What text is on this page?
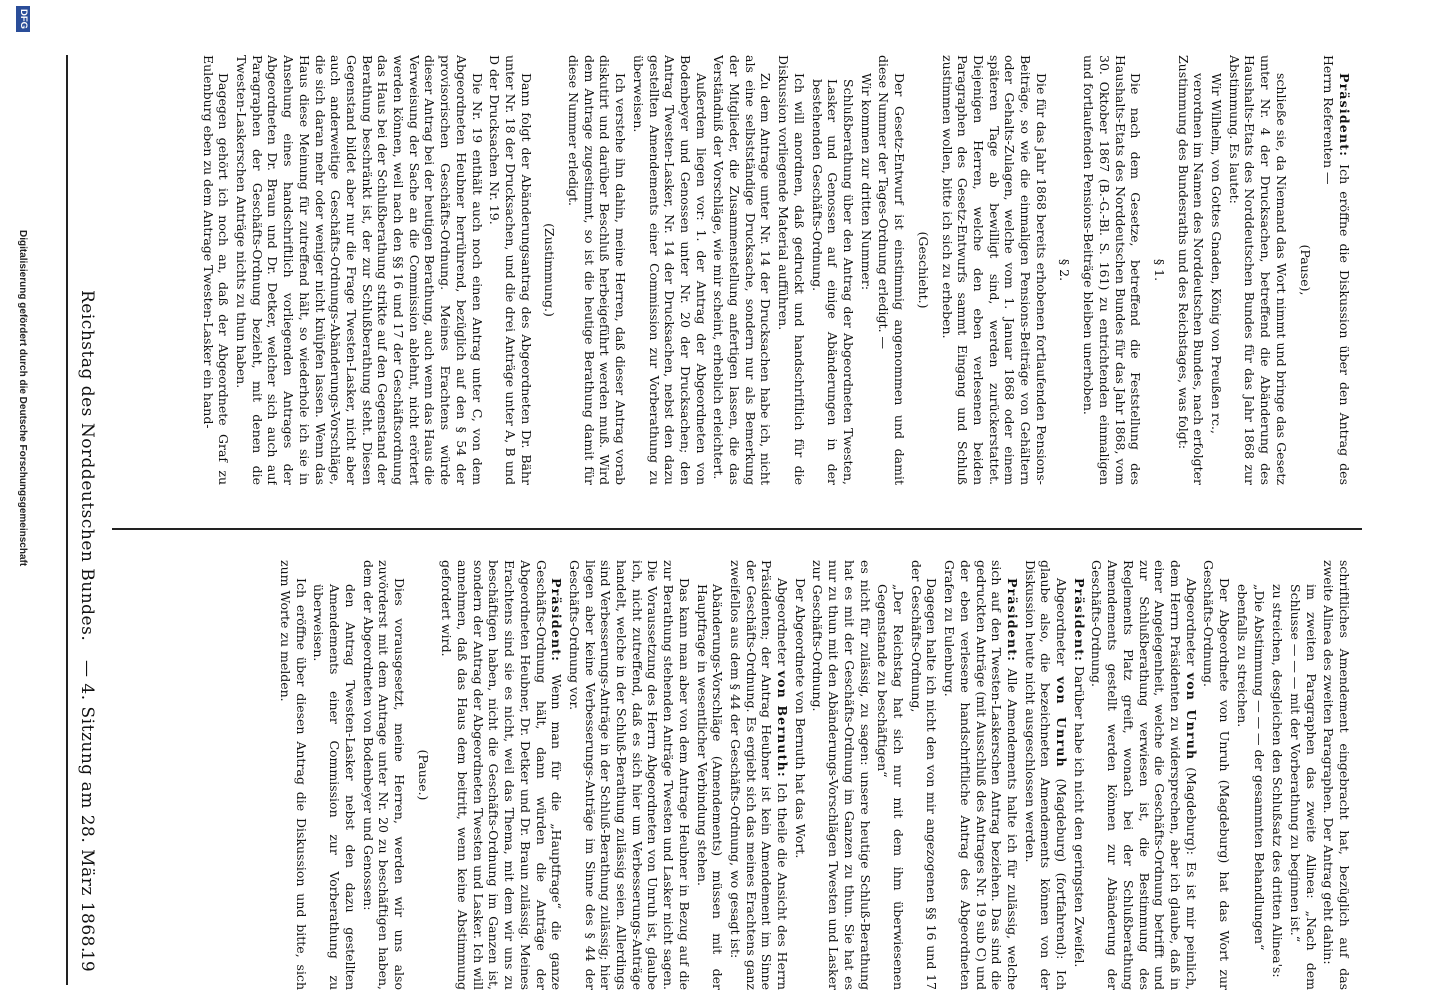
Reichstag des Norddeutschen Bundes.
— 4. Sitzung am 28. März 1868.
19

Präsident: Ich eröffne die Diskussion über den Antrag des Herrn Referenten —

(Pause),

schließe sie, da Niemand das Wort nimmt und bringe das Gesetz unter Nr. 4 der Drucksachen, betreffend die Abänderung des Haushalts-Etats des Norddeutschen Bundes für das Jahr 1868 zur Abstimmung. Es lautet:

Wir Wilhelm, von Gottes Gnaden, König von Preußen rc.,

verordnen im Namen des Norddeutschen Bundes, nach erfolgter Zustimmung des Bundesraths und des Reichstages, was folgt:

§ 1.

Die nach dem Gesetze, betreffend die Feststellung des Haushalts-Etats des Norddeutschen Bundes für das Jahr 1868, vom 30. Oktober 1867 (B.-G.-Bl. S. 161) zu entrichtenden einmaligen und fortlaufenden Pensions-Beiträge bleiben unerhoben.

§ 2.

Die für das Jahr 1868 bereits erhobenen fortlaufenden Pensions-Beiträge, so wie die einmaligen Pensions-Beiträge von Gehältern oder Gehalts-Zulagen, welche vom 1. Januar 1868 oder einem späteren Tage ab bewilligt sind, werden zurückerstattet. Diejenigen Herren, welche den eben verlesenen beiden Paragraphen des Gesetz-Entwurfs sammt Eingang und Schluß zustimmen wollen, bitte ich sich zu erheben.

(Geschieht.)

Der Gesetz-Entwurf ist einstimmig angenommen und damit diese Nummer der Tages-Ordnung erledigt. —

Wir kommen zur dritten Nummer:

Schlußberathung über den Antrag der Abgeordneten Twesten, Lasker und Genossen auf einige Abänderungen in der bestehenden Geschäfts-Ordnung.

Ich will anordnen, daß gedruckt und handschriftlich für die Diskussion vorliegende Material aufführen.

Zu dem Antrage unter Nr. 14 der Drucksachen habe ich, nicht als eine selbstständige Drucksache, sondern nur als Bemerkung der Mitglieder, die Zusammenstellung anfertigen lassen, die das Verständniß der Vorschläge, wie mir scheint, erheblich erleichtert.

Außerdem liegen vor: 1. der Antrag der Abgeordneten von Bodenbeyer und Genossen unter Nr. 20 der Drucksachen; den Antrag Twesten-Lasker, Nr. 14 der Drucksachen, nebst den dazu gestellten Amendements einer Commission zur Vorberathung zu überweisen.

Ich verstehe ihn dahin, meine Herren, daß dieser Antrag vorab diskutirt und darüber Beschluß herbeigeführt werden muß. Wird dem Antrage zugestimmt, so ist die heutige Berathung damit für diese Nummer erledigt.

(Zustimmung.)

Dann folgt der Abänderungsantrag des Abgeordneten Dr. Bähr unter Nr. 18 der Drucksachen, und die drei Anträge unter A, B und D der Drucksachen Nr. 19.

Die Nr. 19 enthält auch noch einen Antrag unter C, von dem Abgeordneten Heubner herrührend, bezüglich auf den § 54 der provisorischen Geschäfts-Ordnung. Meines Erachtens würde dieser Antrag bei der heutigen Berathung, auch wenn das Haus die Verweisung der Sache an die Commission ablehnt, nicht erörtert werden können, weil nach den §§ 16 und 17 der Geschäftsordnung das Haus bei der Schlußberathung strikte auf den Gegenstand der Berathung beschränkt ist, der zur Schlußberathung steht. Diesen Gegenstand bildet aber nur die Frage Twesten-Lasker, nicht aber auch anderweitige Geschäfts-Ordnungs-Abänderungs-Vorschläge, die sich daran mehr oder weniger nicht knüpfen lassen. Wenn das Haus diese Meinung für zutreffend hält, so wiederhole ich sie in Ansehung eines handschriftlich vorliegenden Antrages der Abgeordneten Dr. Braun und Dr. Detker, welcher sich auch auf Paragraphen der Geschäfts-Ordnung bezieht, mit denen die Twesten-Laskerschen Anträge nichts zu thun haben.

Dagegen gehört ich noch an, daß der Abgeordnete Graf zu Eulenburg eben zu dem Antrage Twesten-Lasker ein hand-

schriftliches Amendement eingebracht hat, bezüglich auf das zweite Alinea des zweiten Paragraphen. Der Antrag geht dahin:

im zweiten Paragraphen das zweite Alinea: „Nach dem Schlusse — — — mit der Vorberathung zu beginnen ist.“

zu streichen, desgleichen den Schlußsatz des dritten Alinea's:

„Die Abstimmung — — — der gesammten Behandlungen“

ebenfalls zu streichen.

Der Abgeordnete von Unruh (Magdeburg) hat das Wort zur Geschäfts-Ordnung.

Abgeordneter von Unruh (Magdeburg): Es ist mir peinlich, dem Herrn Präsidenten zu widersprechen, aber ich glaube, daß in einer Angelegenheit, welche die Geschäfts-Ordnung betrifft und zur Schlußberathung verwiesen ist, die Bestimmung des Reglements Platz greift, wonach bei der Schlußberathung Amendements gestellt werden können zur Abänderung der Geschäfts-Ordnung.

Präsident: Darüber habe ich nicht den geringsten Zweifel.

Abgeordneter von Unruh (Magdeburg) (fortfahrend): Ich glaube also, die bezeichneten Amendements können von der Diskussion heute nicht ausgeschlossen werden.

Präsident: Alle Amendements halte ich für zulässig, welche sich auf den Twesten-Laskerschen Antrag beziehen. Das sind die gedruckten Anträge (mit Ausschluß des Antrages Nr. 19 sub C) und der eben verlesene handschriftliche Antrag des Abgeordneten Grafen zu Eulenburg.

Dagegen halte ich nicht den von mir angezogenen §§ 16 und 17 der Geschäfts-Ordnung,

„Der Reichstag hat sich nur mit dem ihm überwiesenen Gegenstande zu beschäftigen“

es nicht für zulässig, zu sagen: unsere heutige Schluß-Berathung hat es mit der Geschäfts-Ordnung im Ganzen zu thun. Sie hat es nur zu thun mit den Abänderungs-Vorschlägen Twesten und Lasker zur Geschäfts-Ordnung.

Der Abgeordnete von Bernuth hat das Wort.

Abgeordneter von Bernuth: Ich theile die Ansicht des Herrn Präsidenten; der Antrag Heubner ist kein Amendement im Sinne der Geschäfts-Ordnung. Es ergiebt sich das meines Erachtens ganz zweifellos aus dem § 44 der Geschäfts-Ordnung, wo gesagt ist:

Abänderungs-Vorschläge (Amendements) müssen mit der Hauptfrage in wesentlicher Verbindung stehen.

Das kann man aber von dem Antrage Heubner in Bezug auf die zur Berathung stehenden Anträge Twesten und Lasker nicht sagen. Die Voraussetzung des Herrn Abgeordneten von Unruh ist, glaube ich, nicht zutreffend, daß es sich hier um Verbesserungs-Anträge handelt, welche in der Schluß-Berathung zulässig seien. Allerdings sind Verbesserungs-Anträge in der Schluß-Berathung zulässig; hier liegen aber keine Verbesserungs-Anträge im Sinne des § 44 der Geschäfts-Ordnung vor.

Präsident: Wenn man für die „Hauptfrage“ die ganze Geschäfts-Ordnung hält, dann würden die Anträge der Abgeordneten Heubner, Dr. Detker und Dr. Braun zulässig. Meines Erachtens sind sie es nicht, weil das Thema, mit dem wir uns zu beschäftigen haben, nicht die Geschäfts-Ordnung im Ganzen ist, sondern der Antrag der Abgeordneten Twesten und Lasker. Ich will annehmen, daß das Haus dem beitritt, wenn keine Abstimmung gefordert wird.

(Pause.)

Dies vorausgesetzt, meine Herren, werden wir uns also zuvörderst mit dem Antrage unter Nr. 20 zu beschäftigen haben, dem der Abgeordneten von Bodenbeyer und Genossen:

den Antrag Twesten-Lasker nebst den dazu gestellten Amendements einer Commission zur Vorberathung zu überweisen.

Ich eröffne über diesen Antrag die Diskussion und bitte, sich zum Worte zu melden.

DFG
Digitalisierung gefördert durch die Deutsche Forschungsgemeinschaft
